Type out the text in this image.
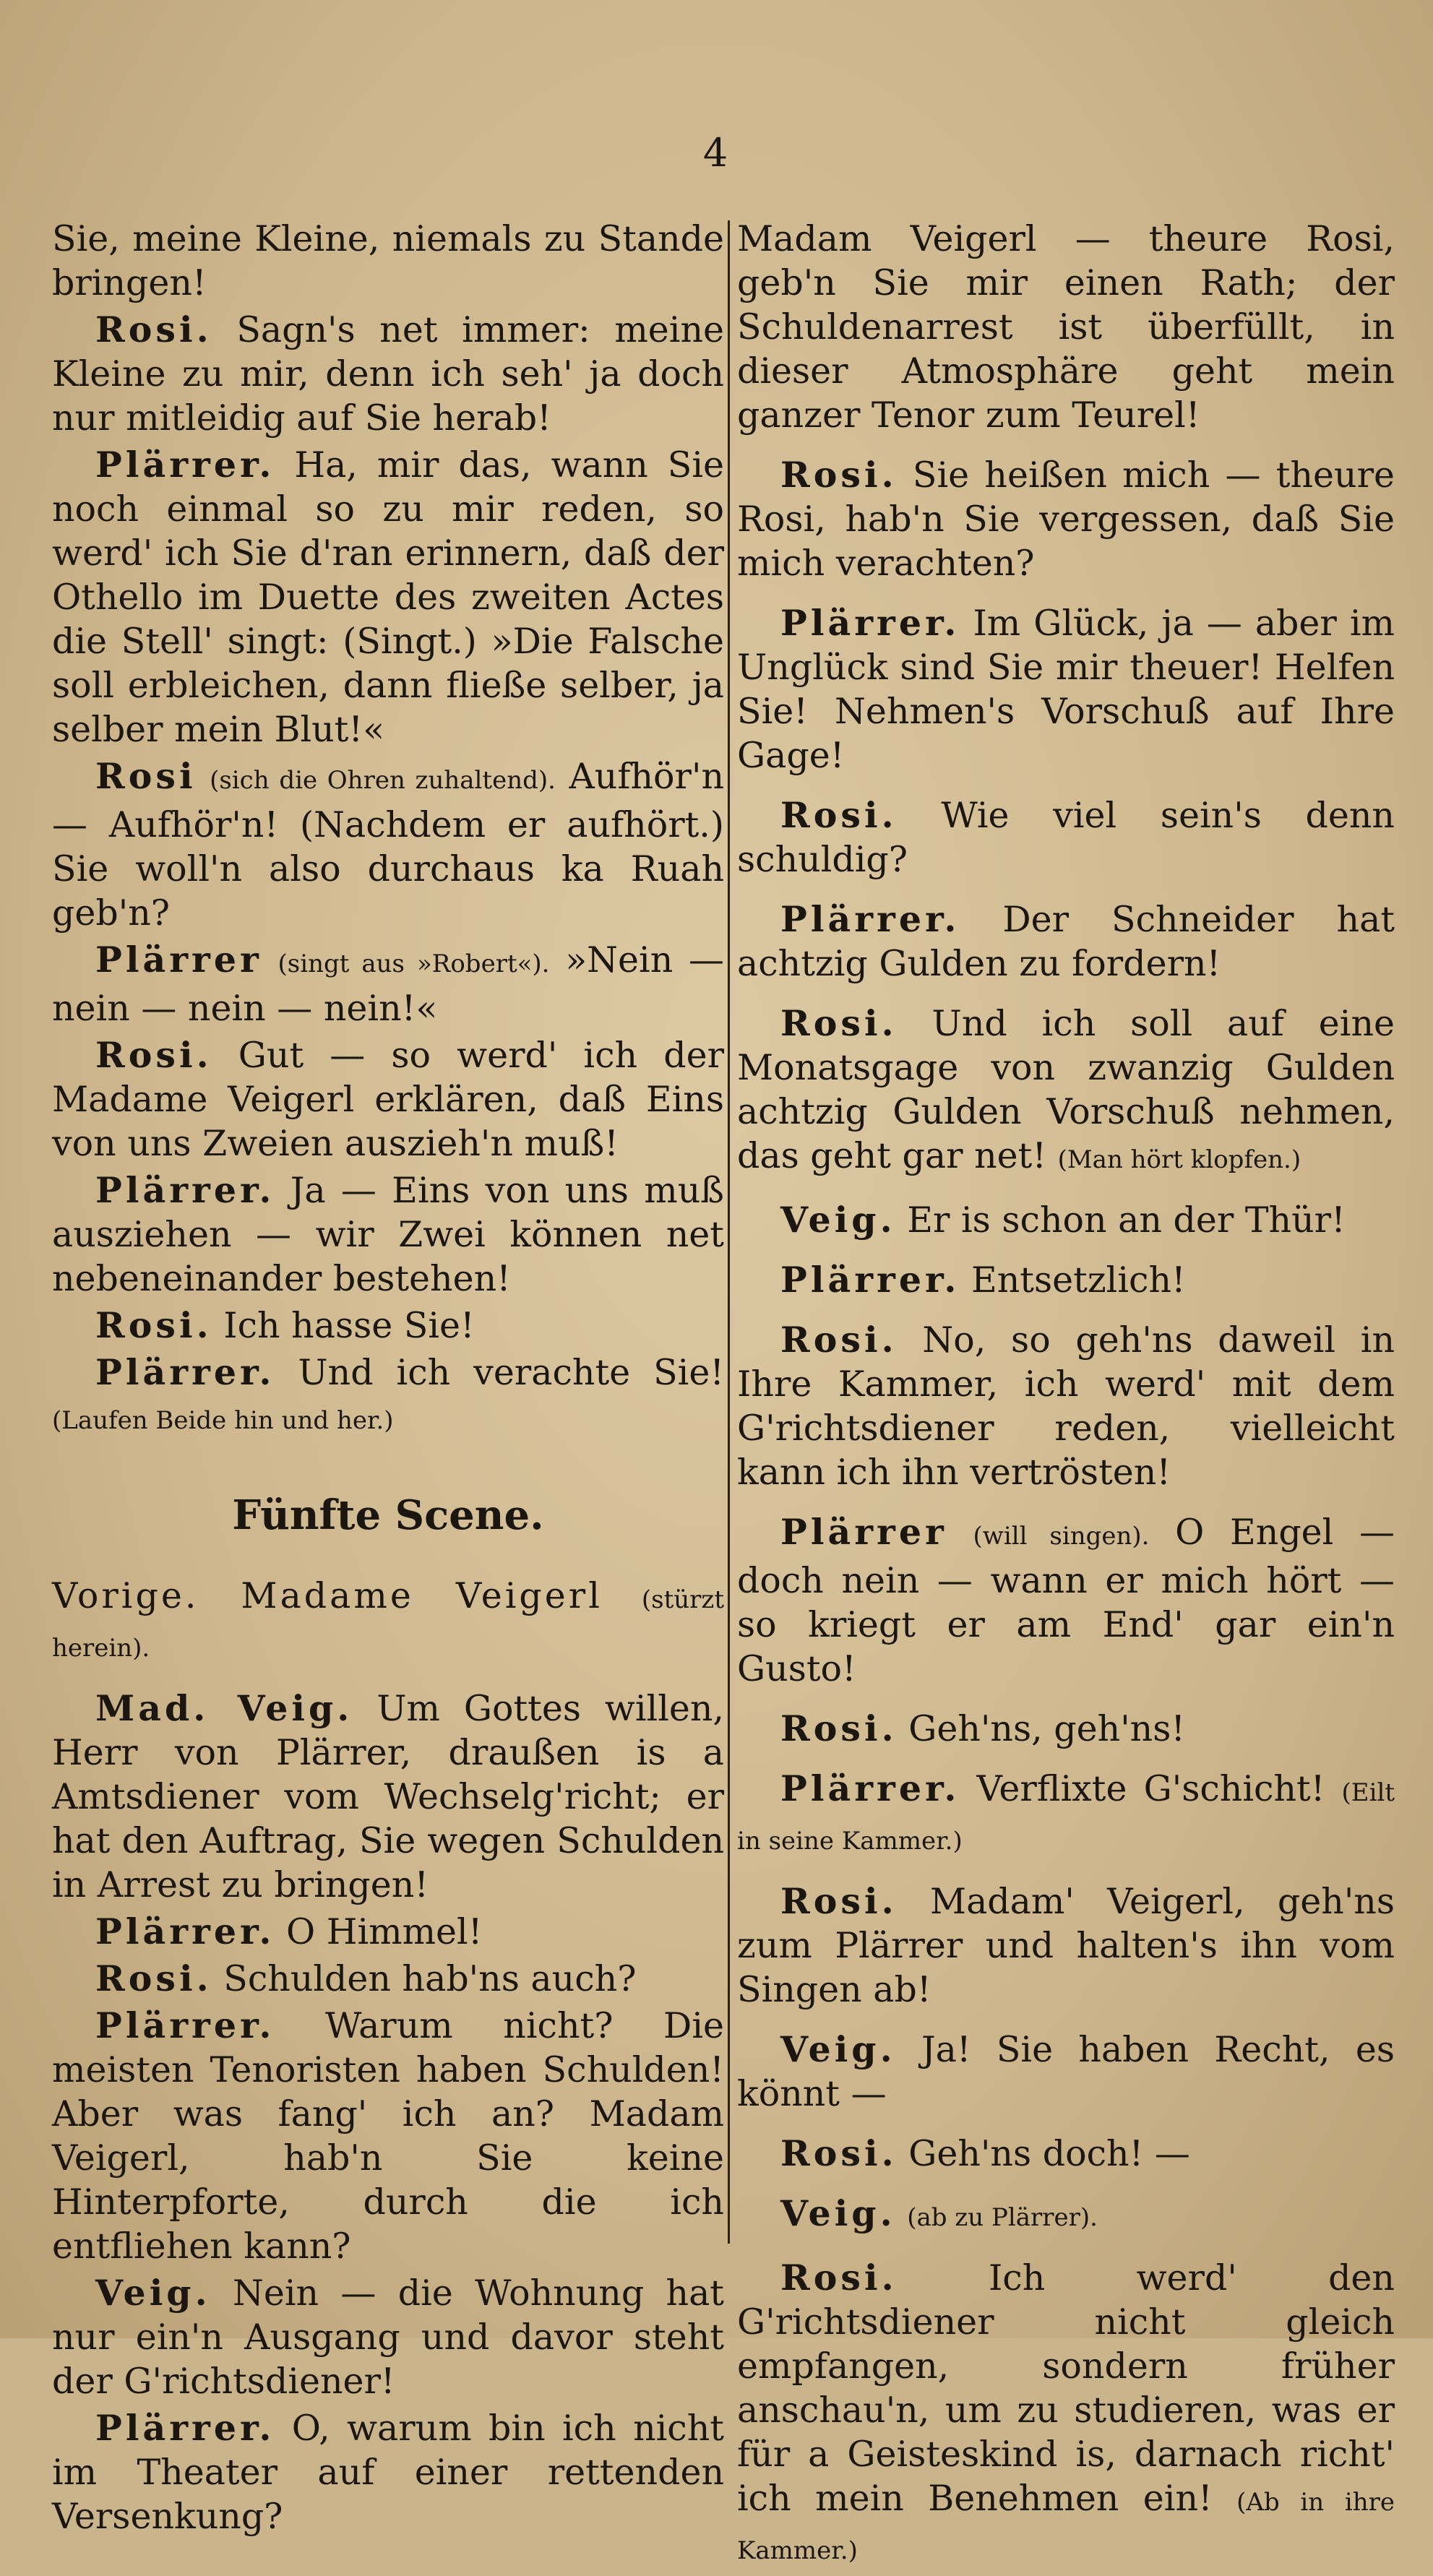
4

Sie, meine Kleine, niemals zu Stande bringen!

Rosi. Sagn's net immer: meine Kleine zu mir, denn ich seh' ja doch nur mitleidig auf Sie herab!

Plärrer. Ha, mir das, wann Sie noch einmal so zu mir reden, so werd' ich Sie d'ran erinnern, daß der Othello im Duette des zweiten Actes die Stell' singt: (Singt.) »Die Falsche soll erbleichen, dann fließe selber, ja selber mein Blut!«

Rosi (sich die Ohren zuhaltend). Aufhör'n — Aufhör'n! (Nachdem er aufhört.) Sie woll'n also durchaus ka Ruah geb'n?

Plärrer (singt aus »Robert«). »Nein — nein — nein — nein!«

Rosi. Gut — so werd' ich der Madame Veigerl erklären, daß Eins von uns Zweien auszieh'n muß!

Plärrer. Ja — Eins von uns muß ausziehen — wir Zwei können net nebeneinander bestehen!

Rosi. Ich hasse Sie!

Plärrer. Und ich verachte Sie! (Laufen Beide hin und her.)

Fünfte Scene.

Vorige. Madame Veigerl (stürzt herein).

Mad. Veig. Um Gottes willen, Herr von Plärrer, draußen is a Amtsdiener vom Wechselg'richt; er hat den Auftrag, Sie wegen Schulden in Arrest zu bringen!

Plärrer. O Himmel!

Rosi. Schulden hab'ns auch?

Plärrer. Warum nicht? Die meisten Tenoristen haben Schulden! Aber was fang' ich an? Madam Veigerl, hab'n Sie keine Hinterpforte, durch die ich entfliehen kann?

Veig. Nein — die Wohnung hat nur ein'n Ausgang und davor steht der G'richtsdiener!

Plärrer. O, warum bin ich nicht im Theater auf einer rettenden Versenkung?

Madam Veigerl — theure Rosi, geb'n Sie mir einen Rath; der Schuldenarrest ist überfüllt, in dieser Atmosphäre geht mein ganzer Tenor zum Teurel!

Rosi. Sie heißen mich — theure Rosi, hab'n Sie vergessen, daß Sie mich verachten?

Plärrer. Im Glück, ja — aber im Unglück sind Sie mir theuer! Helfen Sie! Nehmen's Vorschuß auf Ihre Gage!

Rosi. Wie viel sein's denn schuldig?

Plärrer. Der Schneider hat achtzig Gulden zu fordern!

Rosi. Und ich soll auf eine Monatsgage von zwanzig Gulden achtzig Gulden Vorschuß nehmen, das geht gar net! (Man hört klopfen.)

Veig. Er is schon an der Thür!

Plärrer. Entsetzlich!

Rosi. No, so geh'ns daweil in Ihre Kammer, ich werd' mit dem G'richtsdiener reden, vielleicht kann ich ihn vertrösten!

Plärrer (will singen). O Engel — doch nein — wann er mich hört — so kriegt er am End' gar ein'n Gusto!

Rosi. Geh'ns, geh'ns!

Plärrer. Verflixte G'schicht! (Eilt in seine Kammer.)

Rosi. Madam' Veigerl, geh'ns zum Plärrer und halten's ihn vom Singen ab!

Veig. Ja! Sie haben Recht, es könnt —

Rosi. Geh'ns doch! —

Veig. (ab zu Plärrer).

Rosi.	Ich werd' den G'richtsdiener nicht gleich empfangen, sondern früher anschau'n, um zu studieren, was er für a Geisteskind is, darnach richt' ich mein Benehmen ein! (Ab in ihre Kammer.)
